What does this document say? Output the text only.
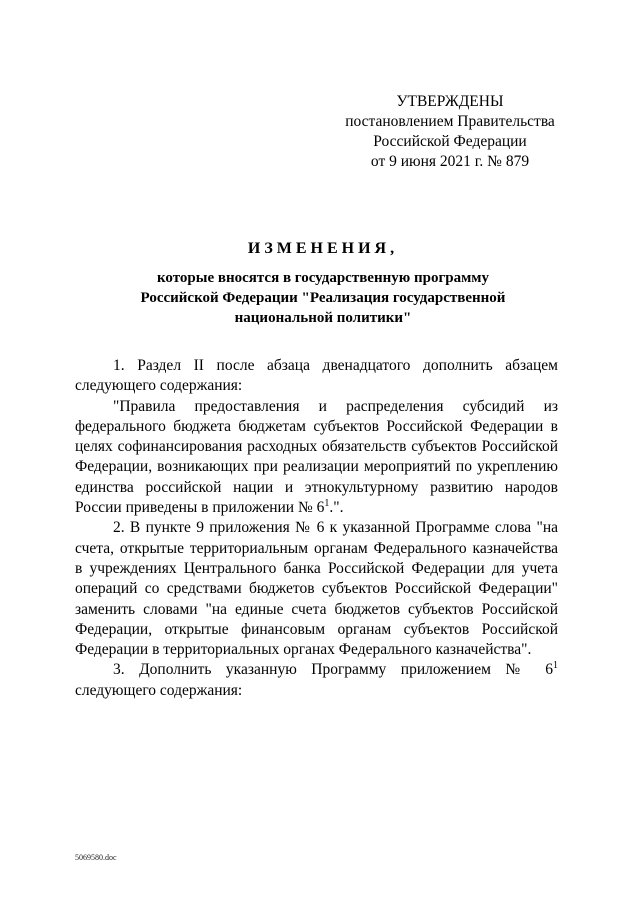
УТВЕРЖДЕНЫ
постановлением Правительства
Российской Федерации
от 9 июня 2021 г. № 879
ИЗМЕНЕНИЯ,
которые вносятся в государственную программу
Российской Федерации "Реализация государственной
национальной политики"

1. Раздел II после абзаца двенадцатого дополнить абзацем следующего содержания:

"Правила предоставления и распределения субсидий из федерального бюджета бюджетам субъектов Российской Федерации в целях софинансирования расходных обязательств субъектов Российской Федерации, возникающих при реализации мероприятий по укреплению единства российской нации и этнокультурному развитию народов России приведены в приложении № $6^1$.".

2. В пункте 9 приложения № 6 к указанной Программе слова "на счета, открытые территориальным органам Федерального казначейства в учреждениях Центрального банка Российской Федерации для учета операций со средствами бюджетов субъектов Российской Федерации" заменить словами "на единые счета бюджетов субъектов Российской Федерации, открытые финансовым органам субъектов Российской Федерации в территориальных органах Федерального казначейства".

3. Дополнить указанную Программу приложением № $6^1$ следующего содержания:

5069580.doc
